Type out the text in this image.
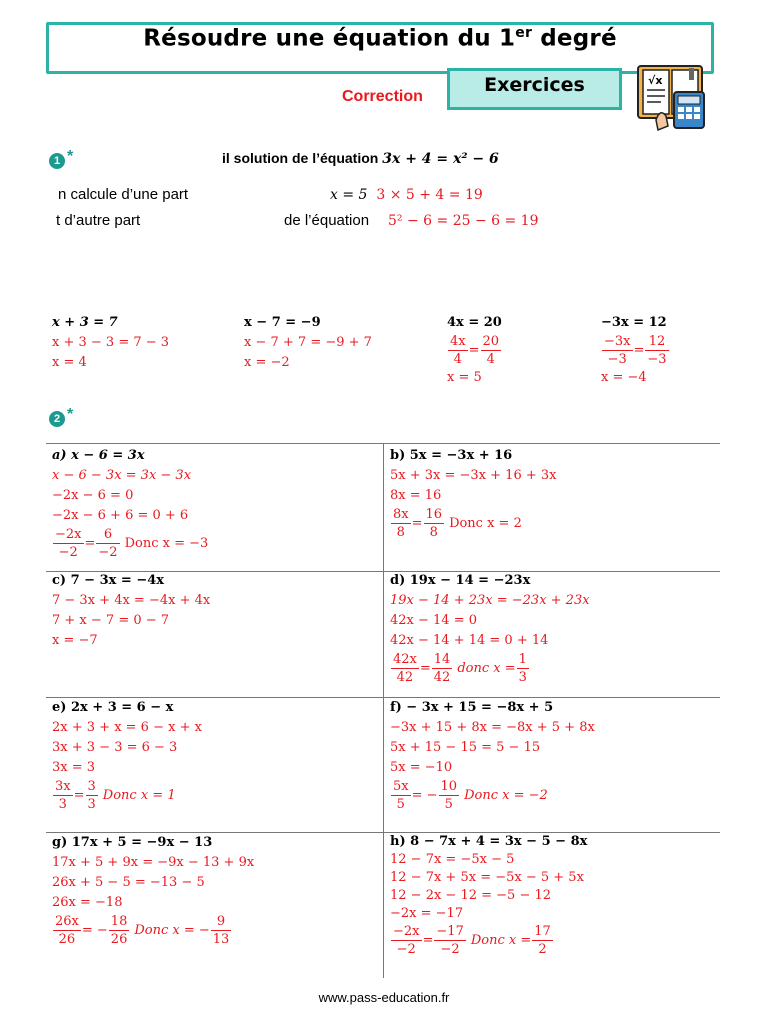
Résoudre une équation du 1er degré
Correction
Exercices	√x
1 *	il solution de l’équation 3x + 4 = x² − 6
n calcule d’une part	x = 5 3 × 5 + 4 = 19
t d’autre part	de l’équation 5² − 6 = 25 − 6 = 19
x + 3 = 7
x + 3 − 3 = 7 − 3
x = 4
x − 7 = −9
x − 7 + 7 = −9 + 7
x = −2
4x = 20
$\frac{4x}{4} = \frac{20}{4}$
x = 5
−3x = 12
$\frac{-3x}{-3} = \frac{12}{-3}$
x = −4
2 *
a) x − 6 = 3x
x − 6 − 3x = 3x − 3x
−2x − 6 = 0
−2x − 6 + 6 = 0 + 6
$\frac{-2x}{-2} = \frac{6}{-2}$ Donc x = −3
b) 5x = −3x + 16
5x + 3x = −3x + 16 + 3x
8x = 16
$\frac{8x}{8} = \frac{16}{8}$ Donc x = 2
c) 7 − 3x = −4x
7 − 3x + 4x = −4x + 4x
7 + x − 7 = 0 − 7
x = −7
d) 19x − 14 = −23x
19x − 14 + 23x = −23x + 23x
42x − 14 = 0
42x − 14 + 14 = 0 + 14
$\frac{42x}{42} = \frac{14}{42}$ donc $x = \frac{1}{3}$
e) 2x + 3 = 6 − x
2x + 3 + x = 6 − x + x
3x + 3 − 3 = 6 − 3
3x = 3
$\frac{3x}{3} = \frac{3}{3}$ Donc x = 1
f) − 3x + 15 = −8x + 5
−3x + 15 + 8x = −8x + 5 + 8x
5x + 15 − 15 = 5 − 15
5x = −10
$\frac{5x}{5}$ = − $\frac{10}{5}$ Donc x = −2
g) 17x + 5 = −9x − 13
17x + 5 + 9x = −9x − 13 + 9x
26x + 5 − 5 = −13 − 5
26x = −18
$\frac{26x}{26}$ = − $\frac{18}{26}$ Donc x = − $\frac{9}{13}$
h) 8 − 7x + 4 = 3x − 5 − 8x
12 − 7x = −5x − 5
12 − 7x + 5x = −5x − 5 + 5x
12 − 2x − 12 = −5 − 12
−2x = −17
$\frac{-2x}{-2} = \frac{-17}{-2}$ Donc $x = \frac{17}{2}$
www.pass-education.fr
